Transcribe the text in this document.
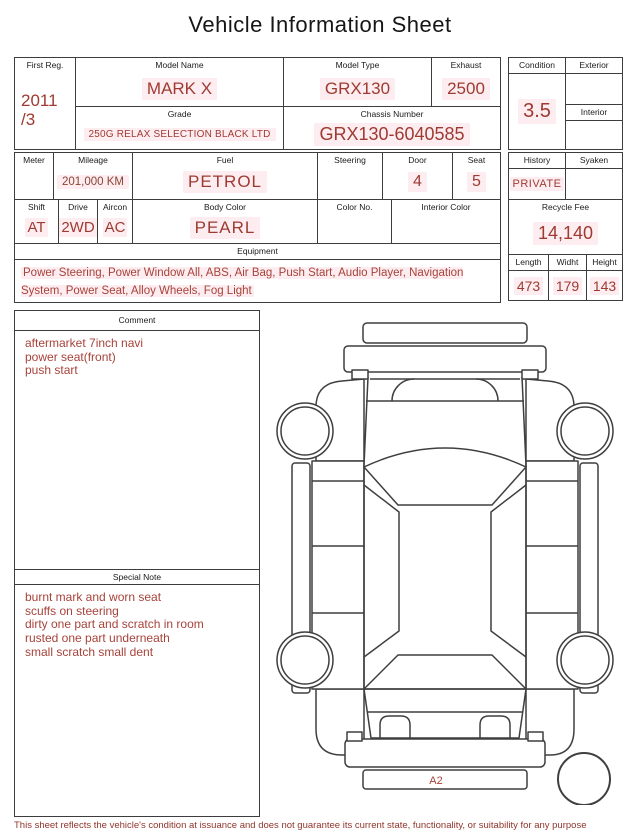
Vehicle Information Sheet
First Reg.
2011
/3
Model Name
MARK X
Model Type
GRX130
Exhaust
2500
Grade
250G RELAX SELECTION BLACK LTD
Chassis Number
GRX130-6040585
Condition
3.5
Exterior
Interior
Meter	Mileage
201,000 KM
Fuel
PETROL
Steering	Door
4
Seat
5
Shift
AT
Drive
2WD
Aircon
AC
Body Color
PEARL
Color No.	Interior Color
Equipment
Power Steering, Power Window All, ABS, Air Bag, Push Start, Audio Player, Navigation System, Power Seat, Alloy Wheels, Fog Light
History
PRIVATE
Syaken
Recycle Fee
14,140
Length
473
Widht
179
Height
143
Comment
aftermarket 7inch navi
power seat(front)
push start
Special Note
burnt mark and worn seat
scuffs on steering
dirty one part and scratch in room
rusted one part underneath
small scratch small dent
A2
This sheet reflects the vehicle's condition at issuance and does not guarantee its current state, functionality, or suitability for any purpose
